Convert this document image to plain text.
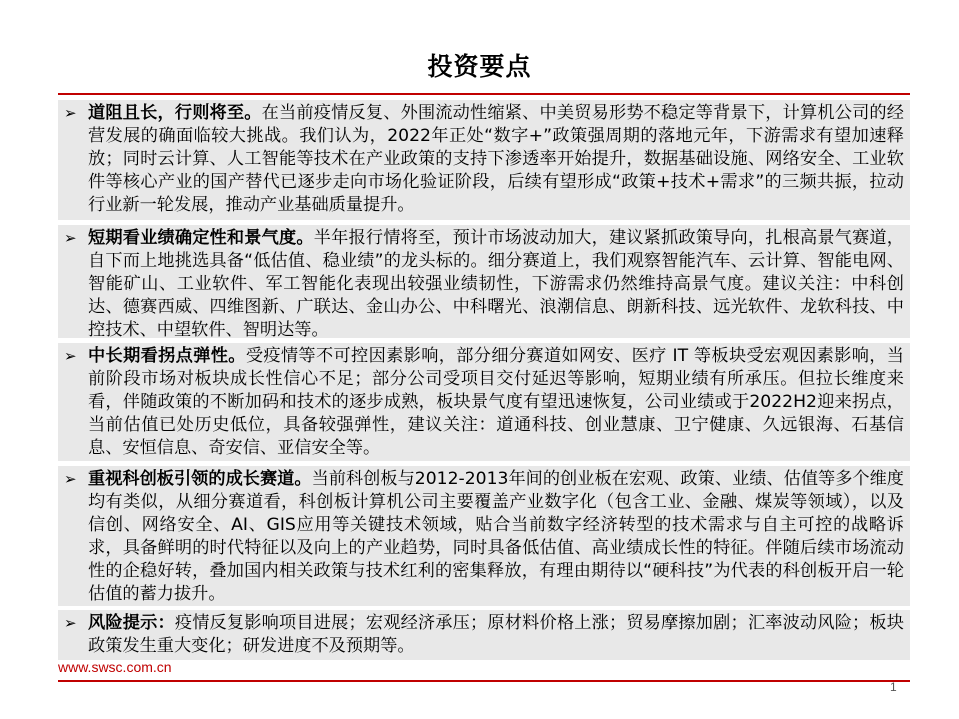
投资要点
➢ 道阻且长，行则将至。在当前疫情反复、外围流动性缩紧、中美贸易形势不稳定等背景下，计算机公司的经营发展的确面临较大挑战。我们认为，2022年正处“数字+”政策强周期的落地元年，下游需求有望加速释放；同时云计算、人工智能等技术在产业政策的支持下渗透率开始提升，数据基础设施、网络安全、工业软件等核心产业的国产替代已逐步走向市场化验证阶段，后续有望形成“政策+技术+需求”的三频共振，拉动行业新一轮发展，推动产业基础质量提升。
➢ 短期看业绩确定性和景气度。半年报行情将至，预计市场波动加大，建议紧抓政策导向，扎根高景气赛道，自下而上地挑选具备“低估值、稳业绩”的龙头标的。细分赛道上，我们观察智能汽车、云计算、智能电网、智能矿山、工业软件、军工智能化表现出较强业绩韧性，下游需求仍然维持高景气度。建议关注：中科创达、德赛西威、四维图新、广联达、金山办公、中科曙光、浪潮信息、朗新科技、远光软件、龙软科技、中控技术、中望软件、智明达等。
➢ 中长期看拐点弹性。受疫情等不可控因素影响，部分细分赛道如网安、医疗 IT 等板块受宏观因素影响，当前阶段市场对板块成长性信心不足；部分公司受项目交付延迟等影响，短期业绩有所承压。但拉长维度来看，伴随政策的不断加码和技术的逐步成熟，板块景气度有望迅速恢复，公司业绩或于2022H2迎来拐点，当前估值已处历史低位，具备较强弹性，建议关注：道通科技、创业慧康、卫宁健康、久远银海、石基信息、安恒信息、奇安信、亚信安全等。
➢ 重视科创板引领的成长赛道。当前科创板与2012-2013年间的创业板在宏观、政策、业绩、估值等多个维度均有类似，从细分赛道看，科创板计算机公司主要覆盖产业数字化（包含工业、金融、煤炭等领域），以及信创、网络安全、AI、GIS应用等关键技术领域，贴合当前数字经济转型的技术需求与自主可控的战略诉求，具备鲜明的时代特征以及向上的产业趋势，同时具备低估值、高业绩成长性的特征。伴随后续市场流动性的企稳好转，叠加国内相关政策与技术红利的密集释放，有理由期待以“硬科技”为代表的科创板开启一轮估值的蓄力拔升。
➢ 风险提示：疫情反复影响项目进展；宏观经济承压；原材料价格上涨；贸易摩擦加剧；汇率波动风险；板块政策发生重大变化；研发进度不及预期等。
www.swsc.com.cn
1
